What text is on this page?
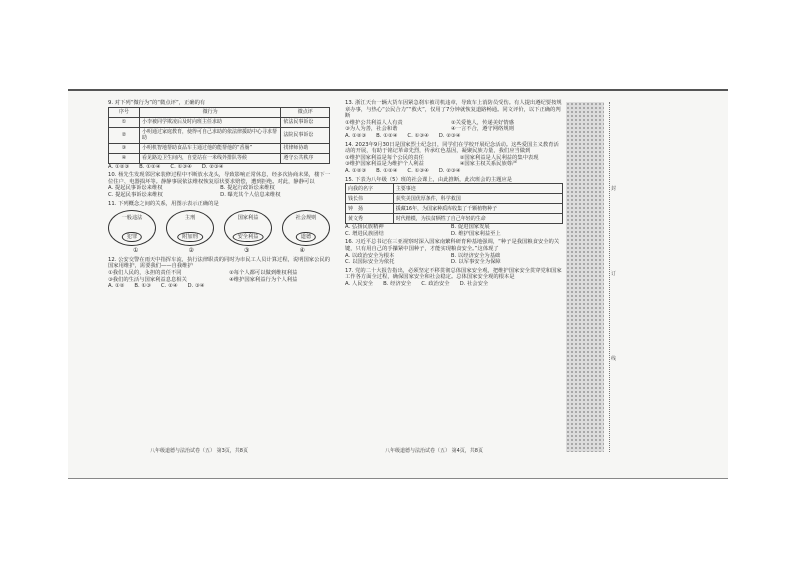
9. 对下列“微行为”的“微点评”，正确的有

序号	微行为	微点评
①	小李被同学欺凌后及时向班主任求助	依法民事诉讼
②	小明通过家庭教育，使得可自己求助的依法律援助中心寻求帮助	法院民事诉讼
③	小明机智地帮助食品车主通过他的能帮他的“香肠”	找律师协助
④	看见路边卫生间内，自觉站在一米线外排队等候	遵守公共秩序
A. ①②③ B. ①②④ C. ①③④ D. ②③④

10. 杨先生发现邻居家装修过程中不断放水龙头，导致影响正常休息，经多次协商未果，楼下一位住户、电器损坏等。静静事展依法维权恢复原状要求赔偿，遭到拒绝。对此，静静可以

A. 提起民事诉讼来维权	B. 提起行政诉讼来维权
C. 提起民事诉讼来维权	D. 曝光其个人信息来维权

11. 下列概念之间的关系，用图示表示正确的是

一般违法
犯罪
主刑
附加刑
国家利益
安全利益
社会规则
道德
①	②	③	④

12. 公安交警在雨天中指挥车流，执行法律职责的同时为市民工人员计算过程，说明国家公民的国家用维护，需要我们——自我维护

①我们人民的，永担的责任不同	②每个人都可以做到维权利益
③我们的生活与国家利益息息相关	④维护国家利益行为个人利益
A. ①② B. ①③ C. ②④ D. ③④
八年级道德与法治试卷（五） 第3页，共8页

13. 浙江天台一辆大货车因紧急刹车被司机违章，导致车上消防员受伤。有人提出遵纪要按规章办事，与热心“公民合力”“救火”，仅用了7分钟就恢复道路畅通。同文评价，以下正确的判断

①维护公共利益人人有责	②关爱他人，传递美好情感
③为人为善，社会和谐	④一言不合，遵守网络规则
A. ①②③ B. ①②④ C. ①③④ D. ②③④

14. 2023年9月30日是国家烈士纪念日，同学们在学校开展纪念活动。这些爱国主义教育活动的开展，有助于铭记革命先烈，传承红色基因，凝聚民族力量，我们应当做到

①维护国家利益是每个公民的责任	②国家利益是人民利益的集中表现
③维护国家利益是为维护个人利益	④国家主权关系民族尊严
A. ①②③ B. ①②④ C. ①③④ D. ②③④

15. 下表为八年级（5）班的社会课上，由此推断，此次班会的主题应是

向我的名字	主要事迹
钱长伟	获奖美国优厚条件，科学救国
钟　扬	援藏16年，为国家种质库收集了千颗植物种子
黄文秀	时代楷模，为扶贫牺牲了自己年轻的生命
A. 弘扬民族精神	B. 促进国家发展
C. 增进民族团结	D. 维护国家利益至上

16. 习近平总书记在三亚视察时深入国家南繁科研育种基地强调，“种子是我国粮食安全的关键，只有用自己的手攥紧中国种子，才能实现粮食安全。”这体现了

A. 以政治安全为根本	B. 以经济安全为基础
C. 以国际安全为依托	D. 以军事安全为保障

17. 党的二十大报告指出，必须坚定不移贯彻总体国家安全观，把维护国家安全贯穿党和国家工作各方面全过程，确保国家安全和社会稳定。总体国家安全观的根本是

A. 人民安全 B. 经济安全 C. 政治安全 D. 社会安全
八年级道德与法治试卷（五） 第4页，共8页
封
订
线
